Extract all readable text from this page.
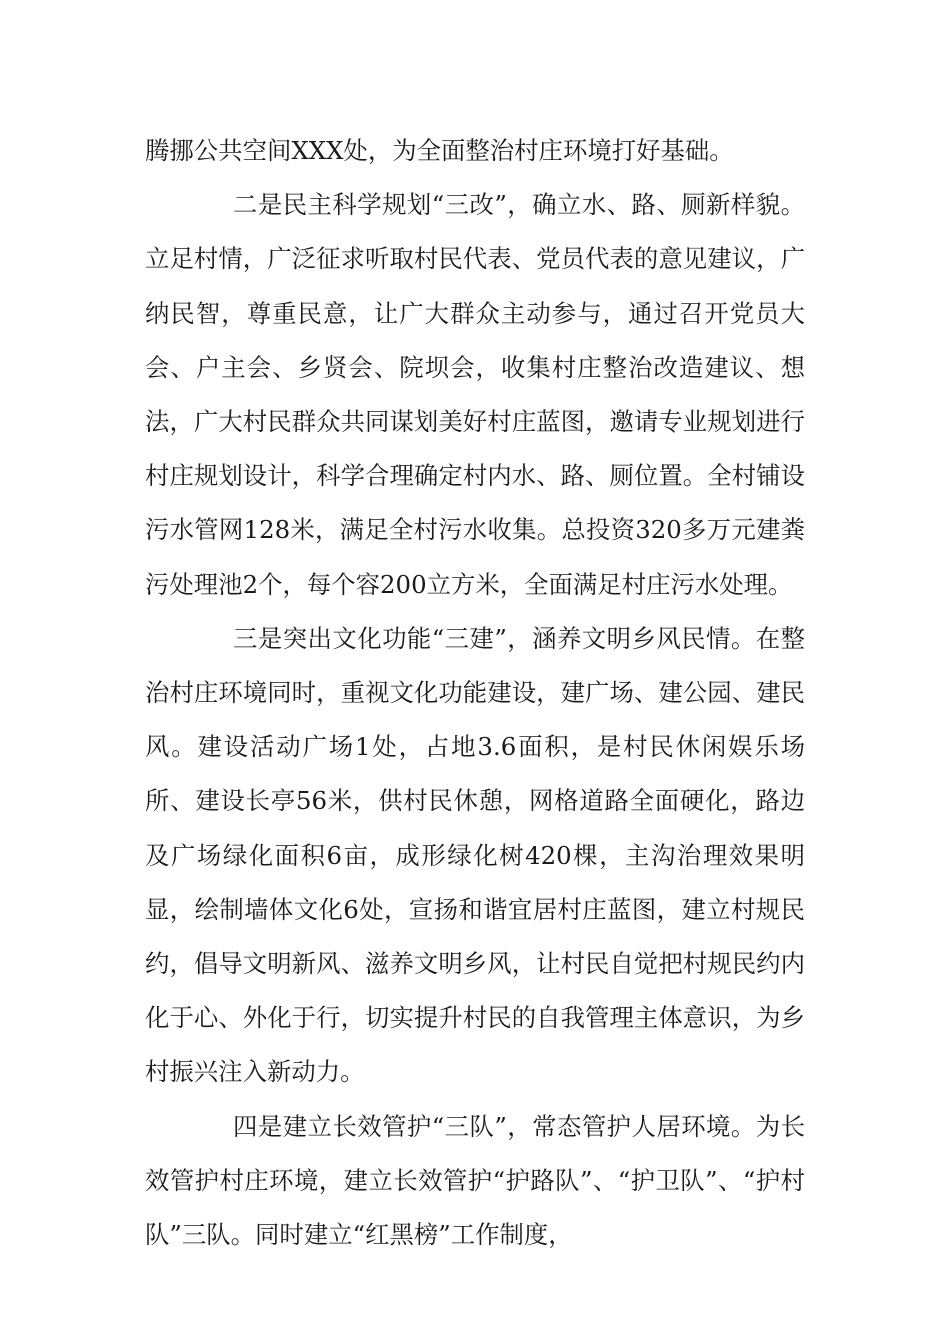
腾挪公共空间XXX处，为全面整治村庄环境打好基础。

二是民主科学规划“三改”，确立水、路、厕新样貌。立足村情，广泛征求听取村民代表、党员代表的意见建议，广纳民智，尊重民意，让广大群众主动参与，通过召开党员大会、户主会、乡贤会、院坝会，收集村庄整治改造建议、想法，广大村民群众共同谋划美好村庄蓝图，邀请专业规划进行村庄规划设计，科学合理确定村内水、路、厕位置。全村铺设污水管网128米，满足全村污水收集。总投资320多万元建粪污处理池2个，每个容200立方米，全面满足村庄污水处理。

三是突出文化功能“三建”，涵养文明乡风民情。在整治村庄环境同时，重视文化功能建设，建广场、建公园、建民风。建设活动广场1处，占地3.6面积，是村民休闲娱乐场所、建设长亭56米，供村民休憩，网格道路全面硬化，路边及广场绿化面积6亩，成形绿化树420棵，主沟治理效果明显，绘制墙体文化6处，宣扬和谐宜居村庄蓝图，建立村规民约，倡导文明新风、滋养文明乡风，让村民自觉把村规民约内化于心、外化于行，切实提升村民的自我管理主体意识，为乡村振兴注入新动力。

四是建立长效管护“三队”，常态管护人居环境。为长效管护村庄环境，建立长效管护“护路队”、“护卫队”、“护村队”三队。同时建立“红黑榜”工作制度，
